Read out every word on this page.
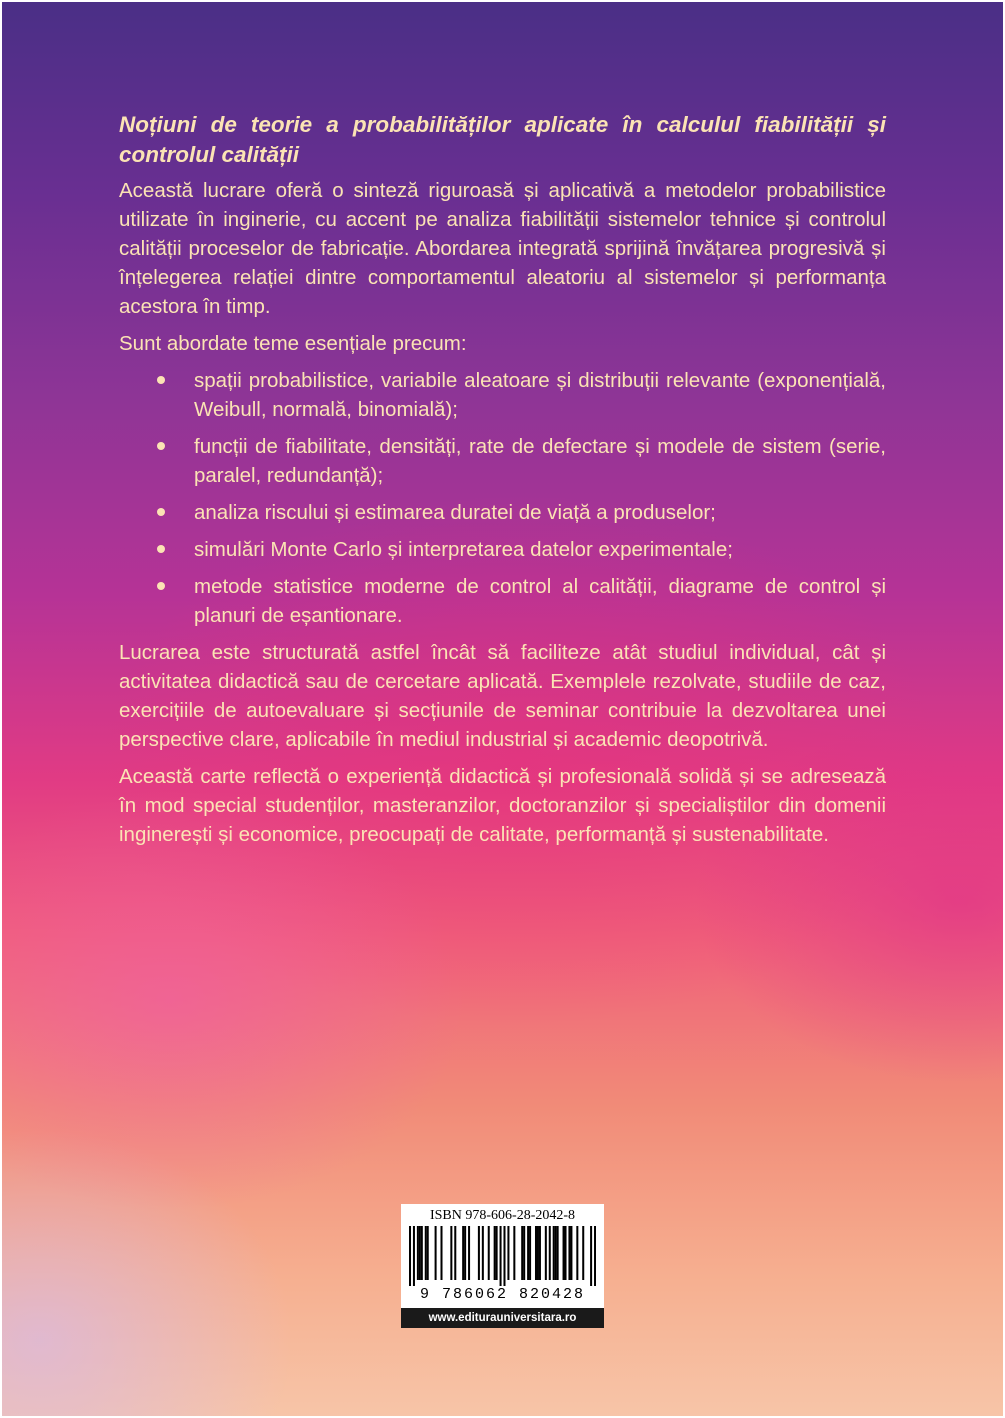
Noțiuni de teorie a probabilităților aplicate în calculul fiabilității și controlul calității

Această lucrare oferă o sinteză riguroasă și aplicativă a metodelor probabilistice utilizate în inginerie, cu accent pe analiza fiabilității sistemelor tehnice și controlul calității proceselor de fabricație. Abordarea integrată sprijină învățarea progresivă și înțelegerea relației dintre comportamentul aleatoriu al sistemelor și performanța acestora în timp.

Sunt abordate teme esențiale precum:

spații probabilistice, variabile aleatoare și distribuții relevante (exponențială, Weibull, normală, binomială);
funcții de fiabilitate, densități, rate de defectare și modele de sistem (serie, paralel, redundanță);
analiza riscului și estimarea duratei de viață a produselor;
simulări Monte Carlo și interpretarea datelor experimentale;
metode statistice moderne de control al calității, diagrame de control și planuri de eșantionare.

Lucrarea este structurată astfel încât să faciliteze atât studiul individual, cât și activitatea didactică sau de cercetare aplicată. Exemplele rezolvate, studiile de caz, exercițiile de autoevaluare și secțiunile de seminar contribuie la dezvoltarea unei perspective clare, aplicabile în mediul industrial și academic deopotrivă.

Această carte reflectă o experiență didactică și profesională solidă și se adresează în mod special studenților, masteranzilor, doctoranzilor și specialiștilor din domenii inginerești și economice, preocupați de calitate, performanță și sustenabilitate.

ISBN 978-606-28-2042-8
9 786062 820428
www.editurauniversitara.ro
